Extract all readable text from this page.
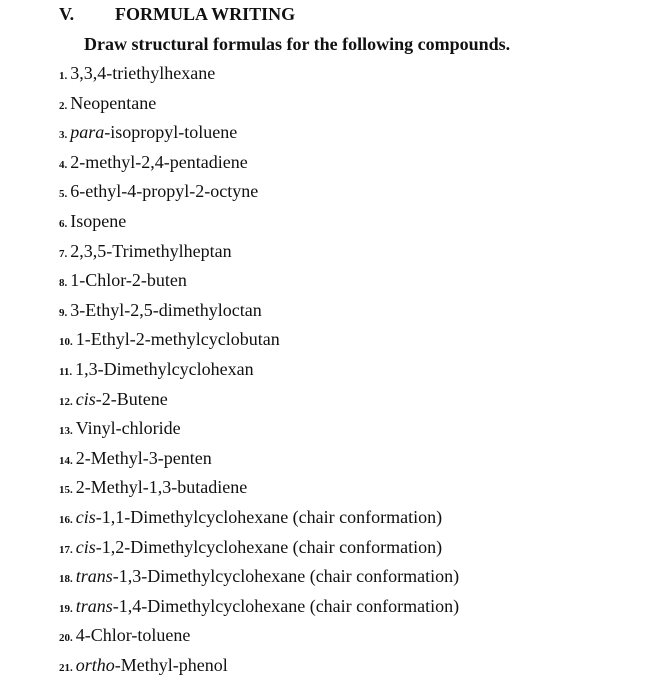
V. FORMULA WRITING
Draw structural formulas for the following compounds.
1. 3,3,4-triethylhexane
2. Neopentane
3. para-isopropyl-toluene
4. 2-methyl-2,4-pentadiene
5. 6-ethyl-4-propyl-2-octyne
6. Isopene
7. 2,3,5-Trimethylheptan
8. 1-Chlor-2-buten
9. 3-Ethyl-2,5-dimethyloctan
10. 1-Ethyl-2-methylcyclobutan
11. 1,3-Dimethylcyclohexan
12. cis-2-Butene
13. Vinyl-chloride
14. 2-Methyl-3-penten
15. 2-Methyl-1,3-butadiene
16. cis-1,1-Dimethylcyclohexane (chair conformation)
17. cis-1,2-Dimethylcyclohexane (chair conformation)
18. trans-1,3-Dimethylcyclohexane (chair conformation)
19. trans-1,4-Dimethylcyclohexane (chair conformation)
20. 4-Chlor-toluene
21. ortho-Methyl-phenol
